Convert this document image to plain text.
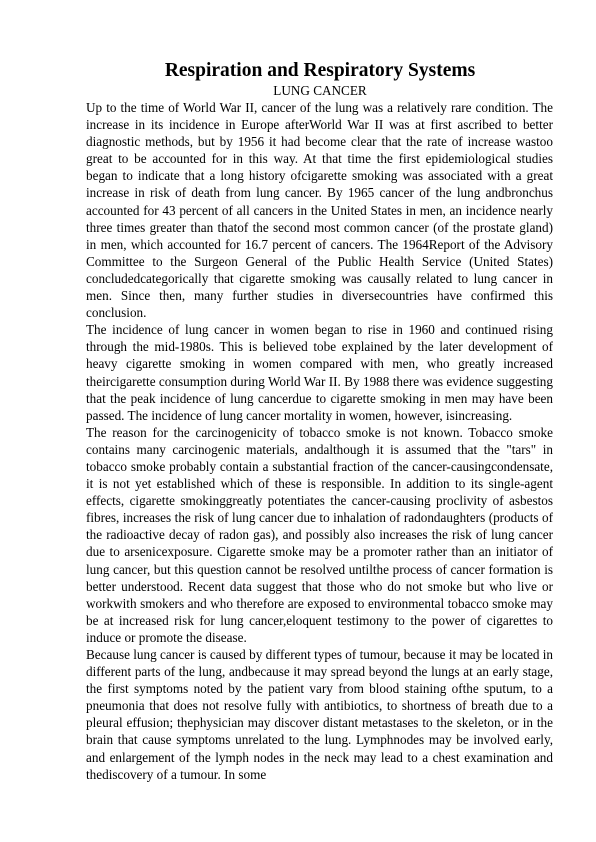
Respiration and Respiratory Systems
LUNG CANCER

Up to the time of World War II, cancer of the lung was a relatively rare condition. The increase in its incidence in Europe afterWorld War II was at first ascribed to better diagnostic methods, but by 1956 it had become clear that the rate of increase wastoo great to be accounted for in this way. At that time the first epidemiological studies began to indicate that a long history ofcigarette smoking was associated with a great increase in risk of death from lung cancer. By 1965 cancer of the lung andbronchus accounted for 43 percent of all cancers in the United States in men, an incidence nearly three times greater than thatof the second most common cancer (of the prostate gland) in men, which accounted for 16.7 percent of cancers. The 1964Report of the Advisory Committee to the Surgeon General of the Public Health Service (United States) concludedcategorically that cigarette smoking was causally related to lung cancer in men. Since then, many further studies in diversecountries have confirmed this conclusion.

The incidence of lung cancer in women began to rise in 1960 and continued rising through the mid-1980s. This is believed tobe explained by the later development of heavy cigarette smoking in women compared with men, who greatly increased theircigarette consumption during World War II. By 1988 there was evidence suggesting that the peak incidence of lung cancerdue to cigarette smoking in men may have been passed. The incidence of lung cancer mortality in women, however, isincreasing.

The reason for the carcinogenicity of tobacco smoke is not known. Tobacco smoke contains many carcinogenic materials, andalthough it is assumed that the "tars" in tobacco smoke probably contain a substantial fraction of the cancer-causingcondensate, it is not yet established which of these is responsible. In addition to its single-agent effects, cigarette smokinggreatly potentiates the cancer-causing proclivity of asbestos fibres, increases the risk of lung cancer due to inhalation of radondaughters (products of the radioactive decay of radon gas), and possibly also increases the risk of lung cancer due to arsenicexposure. Cigarette smoke may be a promoter rather than an initiator of lung cancer, but this question cannot be resolved untilthe process of cancer formation is better understood. Recent data suggest that those who do not smoke but who live or workwith smokers and who therefore are exposed to environmental tobacco smoke may be at increased risk for lung cancer,eloquent testimony to the power of cigarettes to induce or promote the disease.

Because lung cancer is caused by different types of tumour, because it may be located in different parts of the lung, andbecause it may spread beyond the lungs at an early stage, the first symptoms noted by the patient vary from blood staining ofthe sputum, to a pneumonia that does not resolve fully with antibiotics, to shortness of breath due to a pleural effusion; thephysician may discover distant metastases to the skeleton, or in the brain that cause symptoms unrelated to the lung. Lymphnodes may be involved early, and enlargement of the lymph nodes in the neck may lead to a chest examination and thediscovery of a tumour. In some
